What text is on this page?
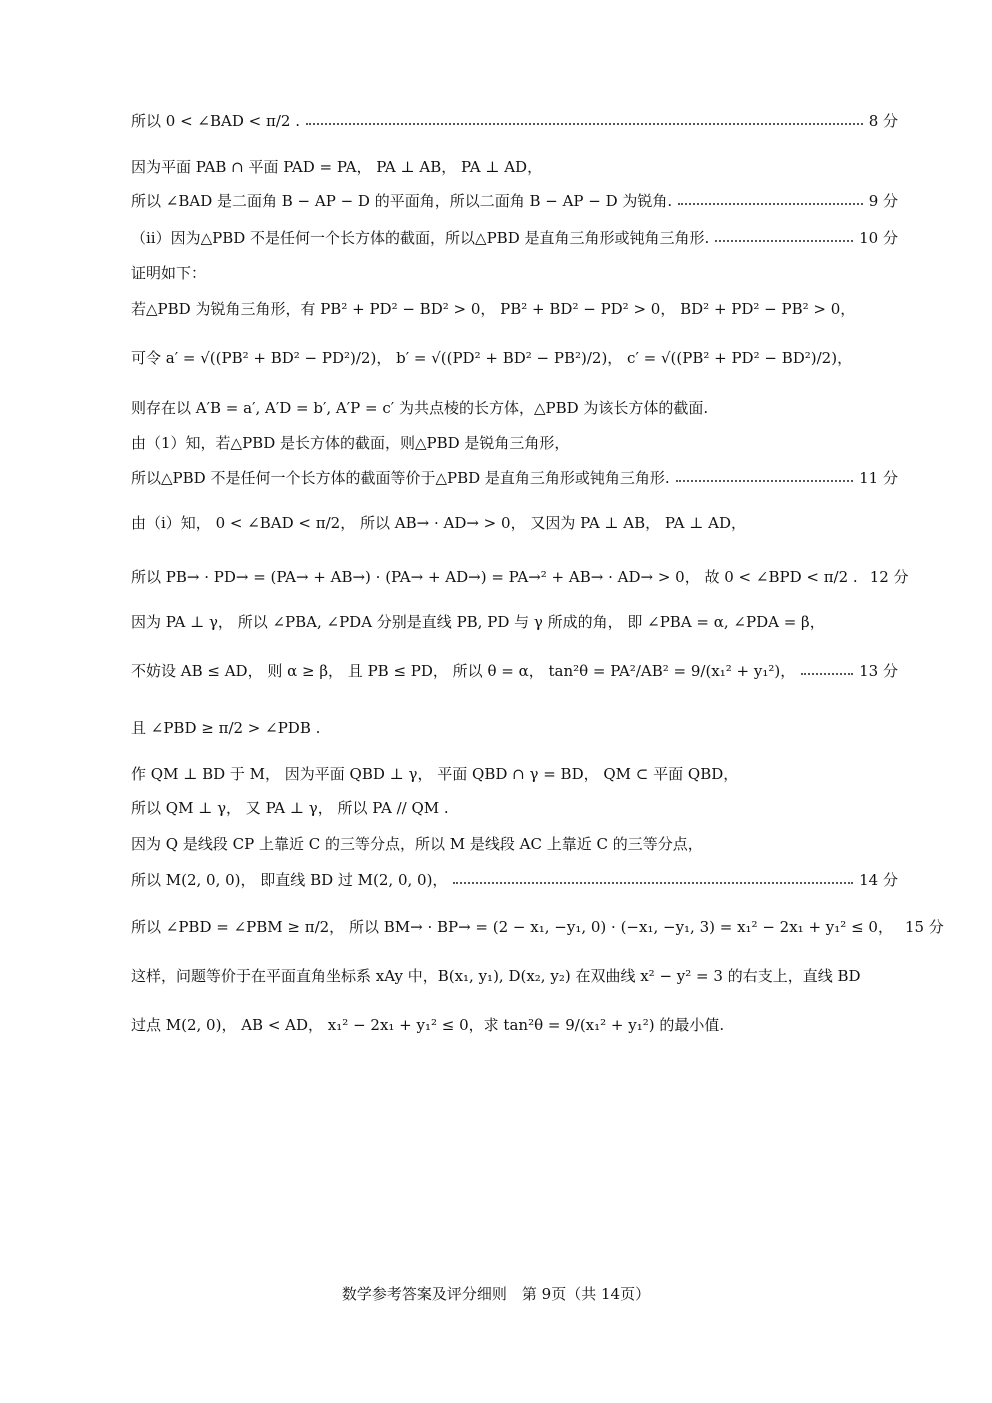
所以 0 < ∠BAD < π/2 .	8 分
因为平面 PAB ∩ 平面 PAD = PA， PA ⊥ AB， PA ⊥ AD，
所以 ∠BAD 是二面角 B − AP − D 的平面角，所以二面角 B − AP − D 为锐角.	9 分
（ii）因为△PBD 不是任何一个长方体的截面，所以△PBD 是直角三角形或钝角三角形.	10 分
证明如下：
若△PBD 为锐角三角形，有 PB² + PD² − BD² > 0， PB² + BD² − PD² > 0， BD² + PD² − PB² > 0，
可令 a′ = √((PB² + BD² − PD²)/2)， b′ = √((PD² + BD² − PB²)/2)， c′ = √((PB² + PD² − BD²)/2)，
则存在以 A′B = a′, A′D = b′, A′P = c′ 为共点棱的长方体，△PBD 为该长方体的截面.
由（1）知，若△PBD 是长方体的截面，则△PBD 是锐角三角形，
所以△PBD 不是任何一个长方体的截面等价于△PBD 是直角三角形或钝角三角形.	11 分
由（i）知， 0 < ∠BAD < π/2， 所以 AB→ · AD→ > 0， 又因为 PA ⊥ AB， PA ⊥ AD，
所以 PB→ · PD→ = (PA→ + AB→) · (PA→ + AD→) = PA→² + AB→ · AD→ > 0， 故 0 < ∠BPD < π/2 . 12 分
因为 PA ⊥ γ， 所以 ∠PBA, ∠PDA 分别是直线 PB, PD 与 γ 所成的角， 即 ∠PBA = α, ∠PDA = β，
不妨设 AB ≤ AD， 则 α ≥ β， 且 PB ≤ PD， 所以 θ = α， tan²θ = PA²/AB² = 9/(x₁² + y₁²)，	13 分
且 ∠PBD ≥ π/2 > ∠PDB .
作 QM ⊥ BD 于 M， 因为平面 QBD ⊥ γ， 平面 QBD ∩ γ = BD， QM ⊂ 平面 QBD，
所以 QM ⊥ γ， 又 PA ⊥ γ， 所以 PA // QM .
因为 Q 是线段 CP 上靠近 C 的三等分点，所以 M 是线段 AC 上靠近 C 的三等分点，
所以 M(2, 0, 0)， 即直线 BD 过 M(2, 0, 0)，	14 分
所以 ∠PBD = ∠PBM ≥ π/2， 所以 BM→ · BP→ = (2 − x₁, −y₁, 0) · (−x₁, −y₁, 3) = x₁² − 2x₁ + y₁² ≤ 0， 15 分
这样，问题等价于在平面直角坐标系 xAy 中，B(x₁, y₁), D(x₂, y₂) 在双曲线 x² − y² = 3 的右支上，直线 BD
过点 M(2, 0)， AB < AD， x₁² − 2x₁ + y₁² ≤ 0，求 tan²θ = 9/(x₁² + y₁²) 的最小值.
数学参考答案及评分细则　第 9页（共 14页）
